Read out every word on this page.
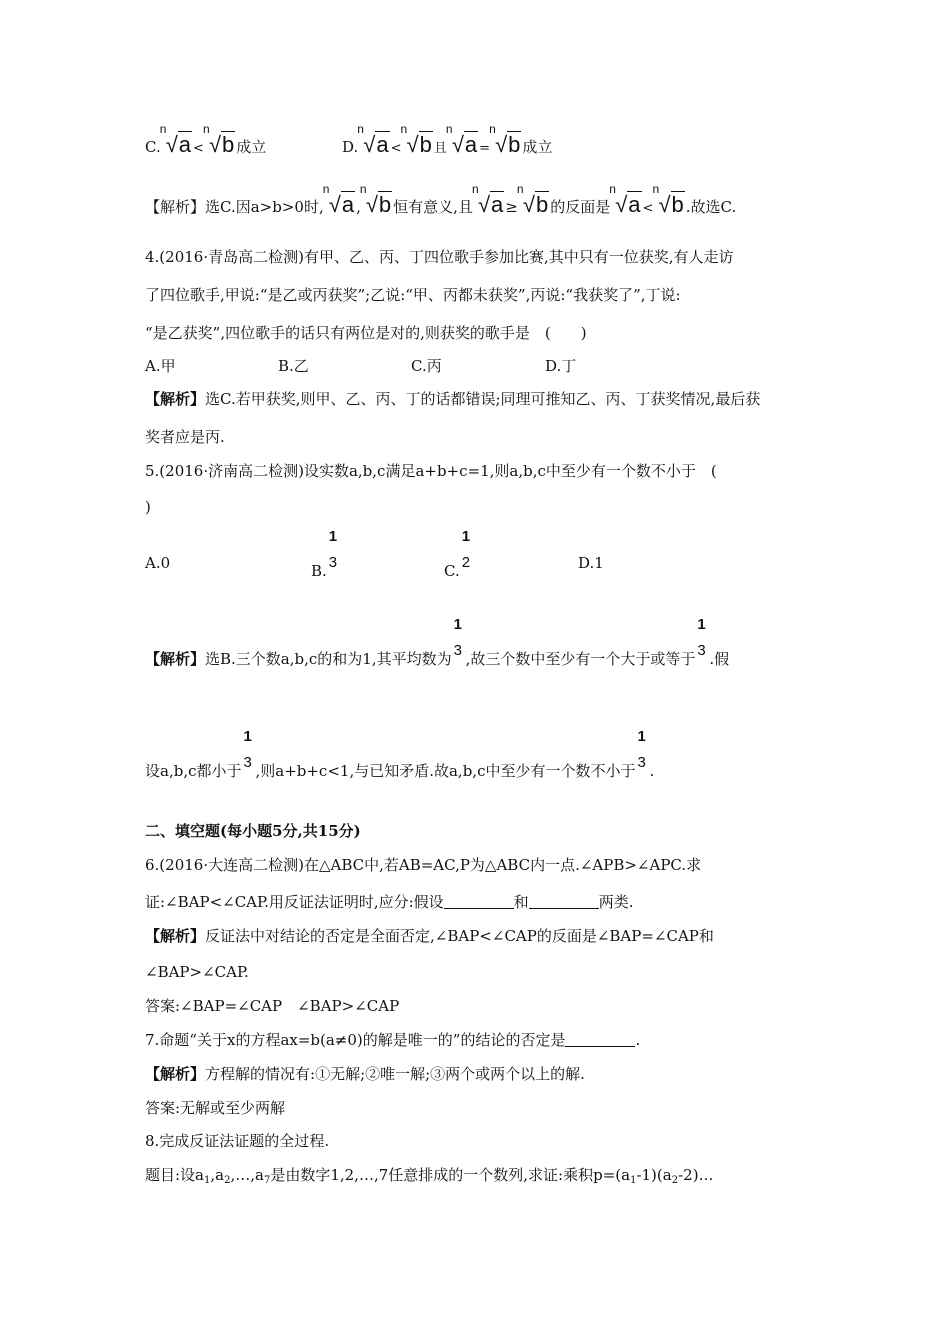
C.
n
√a <
n
√b 成立	D.
n
√a <
n
√b 且
n
√a =
n
√b 成立
【解析】选C.因a>b>0时,
n
√a ,
n
√b 恒有意义,且
n
√a ≥
n
√b 的反面是
n
√a <
n
√b .故选C.
4.(2016·青岛高二检测)有甲、乙、丙、丁四位歌手参加比赛,其中只有一位获奖,有人走访
了四位歌手,甲说:“是乙或丙获奖”;乙说:“甲、丙都未获奖”,丙说:“我获奖了”,丁说:
“是乙获奖”,四位歌手的话只有两位是对的,则获奖的歌手是　(　　)
A.甲	B.乙	C.丙	D.丁
【解析】选C.若甲获奖,则甲、乙、丙、丁的话都错误;同理可推知乙、丙、丁获奖情况,最后获
奖者应是丙.
5.(2016·济南高二检测)设实数a,b,c满足a+b+c=1,则a,b,c中至少有一个数不小于　(
)
A.0	B.
1
3	C.
1
2	D.1
【解析】选B.三个数a,b,c的和为1,其平均数为
1
3 ,故三个数中至少有一个大于或等于
1
3 .假
设a,b,c都小于
1
3 ,则a+b+c<1,与已知矛盾.故a,b,c中至少有一个数不小于
1
3 .
二、填空题(每小题5分,共15分)
6.(2016·大连高二检测)在△ABC中,若AB=AC,P为△ABC内一点.∠APB>∠APC.求
证:∠BAP<∠CAP.用反证法证明时,应分:假设	和	两类.
【解析】反证法中对结论的否定是全面否定,∠BAP<∠CAP的反面是∠BAP=∠CAP和
∠BAP>∠CAP.
答案:∠BAP=∠CAP　∠BAP>∠CAP
7.命题“关于x的方程ax=b(a≠0)的解是唯一的”的结论的否定是	.
【解析】方程解的情况有:①无解;②唯一解;③两个或两个以上的解.
答案:无解或至少两解
8.完成反证法证题的全过程.
题目:设$a_1,a_2,\dots,a_7$是由数字1,2,…,7任意排成的一个数列,求证:乘积$p=(a_1-1)(a_2-2)\dots$
